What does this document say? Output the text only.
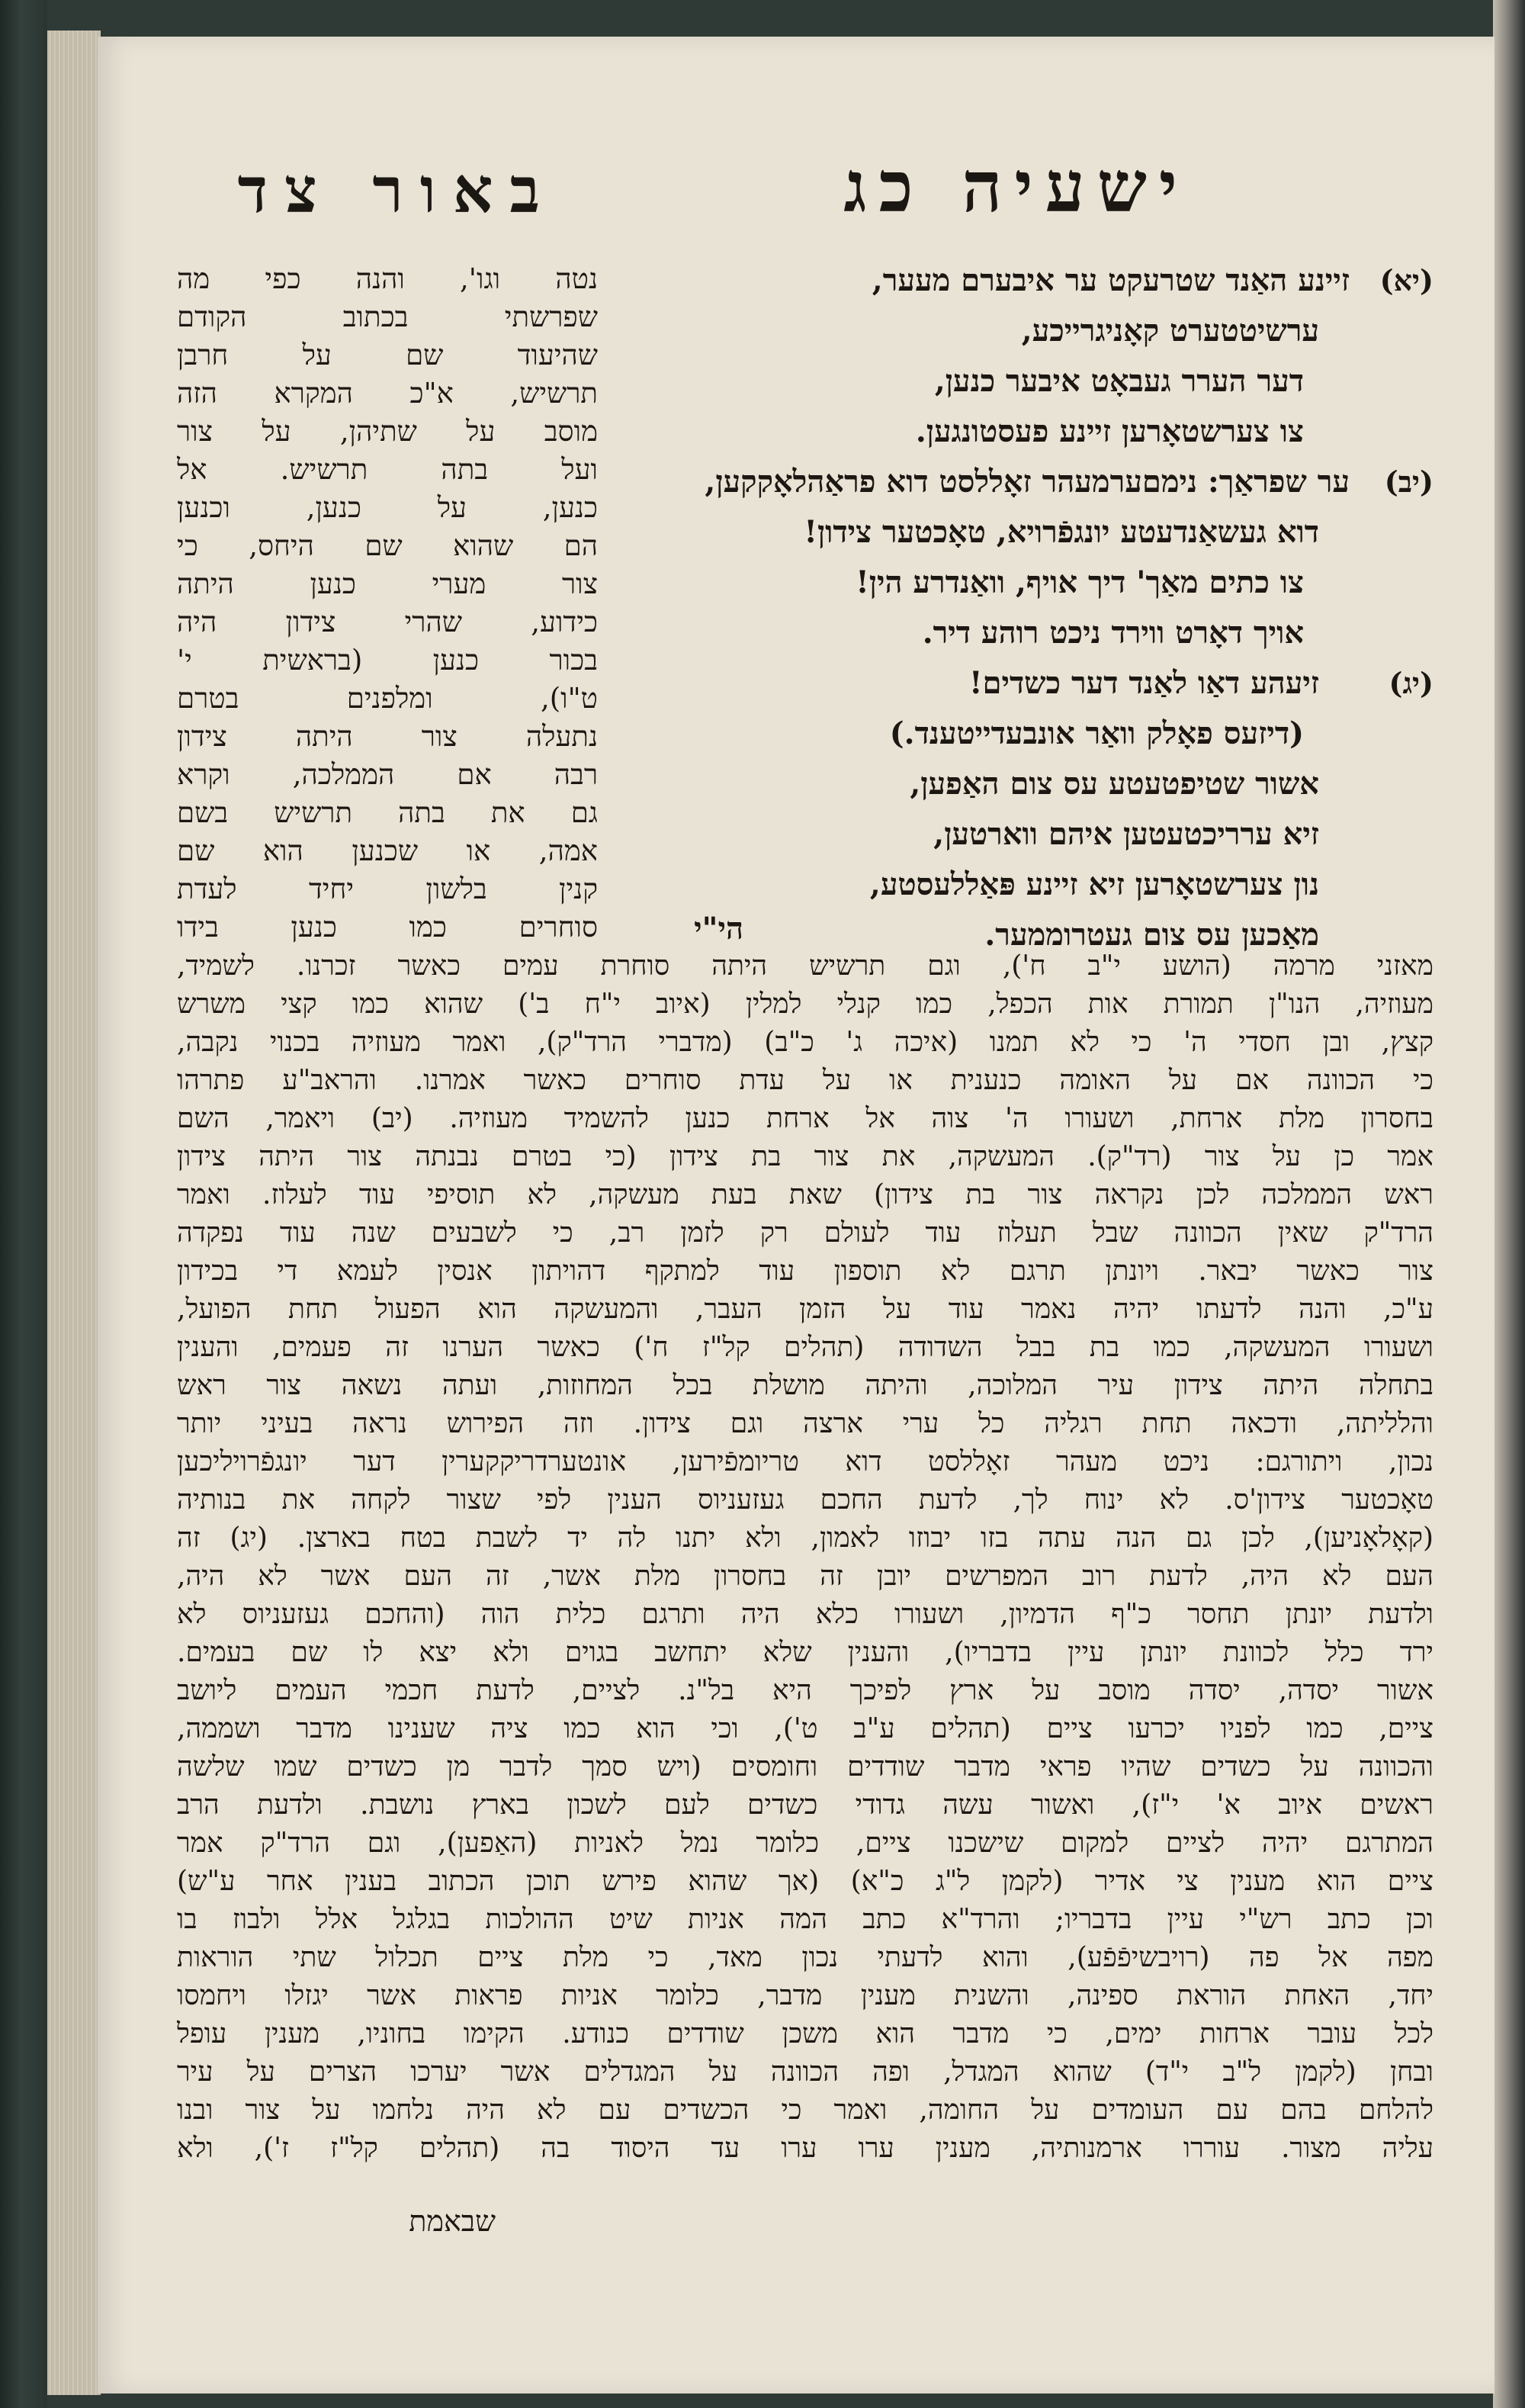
ישעיה כג
באור צד
(יא)
זיינע האַנד שטרעקט ער איבערם מעער,
ערשיטטערט קאָניגרייכע,
דער הערר געבאָט איבער כנען,
צו צערשטאָרען זיינע פעסטונגען.
(יב)
ער שפראַך: נימםערמעהר זאָללסט דוא פראַהלאָקקען,
דוא געשאַנדעטע יונגפֿרויא, טאָכטער צידון!
צו כתים מאַך' דיך אויף, וואַנדרע הין!
אויך דאָרט ווירד ניכט רוהע דיר.
(יג)
זיעהע דאַו לאַנד דער כשדים!
(דיזעס פאָלק וואַר אונבעדייטענד.)
אשור שטיפטעטע עס צום האַפען,
זיא ערריכטעטען איהם ווארטען,
נון צערשטאָרען זיא זיינע פּאַללעסטע,
מאַכען עס צום געטרוממער.
הי"י
נטה וגו', והנה כפי מה
שפרשתי בכתוב הקודם
שהיעוד שם על חרבן
תרשיש, א"כ המקרא הזה
מוסב על שתיהן, על צור
ועל בתה תרשיש. אל
כנען, על כנען, וכנען
הם שהוא שם היחס, כי
צור מערי כנען היתה
כידוע, שהרי צידון היה
בכור כנען (בראשית י'
ט"ו), ומלפנים בטרם
נתעלה צור היתה צידון
רבה אם הממלכה, וקרא
גם את בתה תרשיש בשם
אמה, או שכנען הוא שם
קנין בלשון יחיד לעדת
סוחרים כמו כנען בידו
מאזני מרמה (הושע י"ב ח'), וגם תרשיש היתה סוחרת עמים כאשר זכרנו. לשמיד,
מעוזיה, הנו"ן תמורת אות הכפל, כמו קנלי למלין (איוב י"ח ב') שהוא כמו קצי משרש
קצץ, ובן חסדי ה' כי לא תמנו (איכה ג' כ"ב) (מדברי הרד"ק), ואמר מעוזיה בכנוי נקבה,
כי הכוונה אם על האומה כנענית או על עדת סוחרים כאשר אמרנו. והראב"ע פתרהו
בחסרון מלת ארחת, ושעורו ה' צוה אל ארחת כנען להשמיד מעוזיה. (יב) ויאמר, השם
אמר כן על צור (רד"ק). המעשקה, את צור בת צידון (כי בטרם נבנתה צור היתה צידון
ראש הממלכה לכן נקראה צור בת צידון) שאת בעת מעשקה, לא תוסיפי עוד לעלוז. ואמר
הרד"ק שאין הכוונה שבל תעלוז עוד לעולם רק לזמן רב, כי לשבעים שנה עוד נפקדה
צור כאשר יבאר. ויונתן תרגם לא תוספון עוד למתקף דהויתון אנסין לעמא די בכידון
ע"כ, והנה לדעתו יהיה נאמר עוד על הזמן העבר, והמעשקה הוא הפעול תחת הפועל,
ושעורו המעשקה, כמו בת בבל השדודה (תהלים קל"ז ח') כאשר הערנו זה פעמים, והענין
בתחלה היתה צידון עיר המלוכה, והיתה מושלת בכל המחוזות, ועתה נשאה צור ראש
והלליתה, ודכאה תחת רגליה כל ערי ארצה וגם צידון. וזה הפירוש נראה בעיני יותר
נכון, ויתורגם: ניכט מעהר זאָללסט דוא טריומפֿירען, אונטערדריקקערין דער יונגפֿרויליכען
טאָכטער צידון'ס. לא ינוח לך, לדעת החכם געזעניוס הענין לפי שצור לקחה את בנותיה
(קאָלאָניען), לכן גם הנה עתה בזו יבוזו לאמון, ולא יתנו לה יד לשבת בטח בארצן. (יג) זה
העם לא היה, לדעת רוב המפרשים יובן זה בחסרון מלת אשר, זה העם אשר לא היה,
ולדעת יונתן תחסר כ"ף הדמיון, ושעורו כלא היה ותרגם כלית הוה (והחכם געזעניוס לא
ירד כלל לכוונת יונתן עיין בדבריו), והענין שלא יתחשב בגוים ולא יצא לו שם בעמים.
אשור יסדה, יסדה מוסב על ארץ לפיכך היא בל"נ. לציים, לדעת חכמי העמים ליושב
ציים, כמו לפניו יכרעו ציים (תהלים ע"ב ט'), וכי הוא כמו ציה שענינו מדבר ושממה,
והכוונה על כשדים שהיו פראי מדבר שודדים וחומסים (ויש סמך לדבר מן כשדים שמו שלשה
ראשים איוב א' י"ז), ואשור עשה גדודי כשדים לעם לשכון בארץ נושבת. ולדעת הרב
המתרגם יהיה לציים למקום שישכנו ציים, כלומר נמל לאניות (האַפען), וגם הרד"ק אמר
ציים הוא מענין צי אדיר (לקמן ל"ג כ"א) (אך שהוא פירש תוכן הכתוב בענין אחר ע"ש)
וכן כתב רש"י עיין בדבריו; והרד"א כתב המה אניות שיט ההולכות בגלגל אלל ולבוז בו
מפה אל פה (רויבשיפֿפֿע), והוא לדעתי נכון מאד, כי מלת ציים תכלול שתי הוראות
יחד, האחת הוראת ספינה, והשנית מענין מדבר, כלומר אניות פראות אשר יגזלו ויחמסו
לכל עובר ארחות ימים, כי מדבר הוא משכן שודדים כנודע. הקימו בחוניו, מענין עופל
ובחן (לקמן ל"ב י"ד) שהוא המגדל, ופה הכוונה על המגדלים אשר יערכו הצרים על עיר
להלחם בהם עם העומדים על החומה, ואמר כי הכשדים עם לא היה נלחמו על צור ובנו
עליה מצור. עוררו ארמנותיה, מענין ערו ערו עד היסוד בה (תהלים קל"ז ז'), ולא
שבאמת
